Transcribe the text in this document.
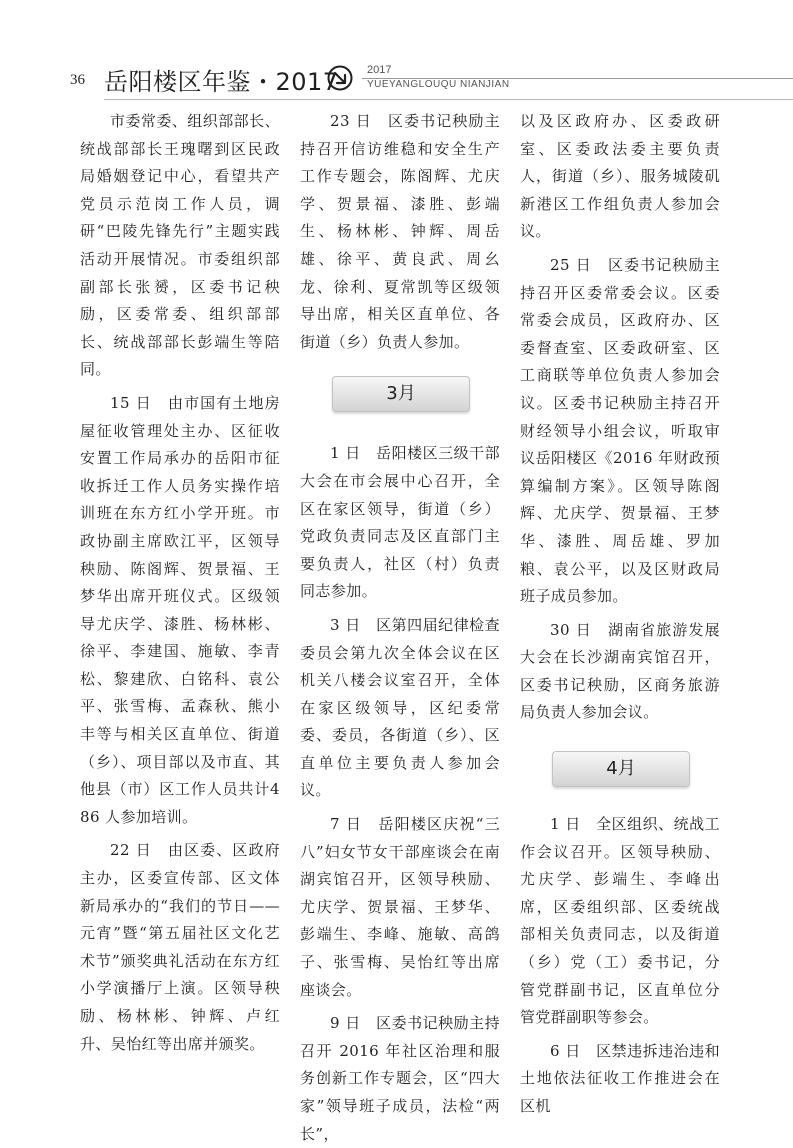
36 岳阳楼区年鉴・2017	2017
YUEYANGLOUQU NIANJIAN

市委常委、组织部部长、统战部部长王瑰曙到区民政局婚姻登记中心，看望共产党员示范岗工作人员，调研“巴陵先锋先行”主题实践活动开展情况。市委组织部副部长张赟，区委书记秧励，区委常委、组织部部长、统战部部长彭端生等陪同。

15 日　由市国有土地房屋征收管理处主办、区征收安置工作局承办的岳阳市征收拆迁工作人员务实操作培训班在东方红小学开班。市政协副主席欧江平，区领导秧励、陈阁辉、贺景福、王梦华出席开班仪式。区级领导尤庆学、漆胜、杨林彬、徐平、李建国、施敏、李青松、黎建欣、白铭科、袁公平、张雪梅、孟森秋、熊小丰等与相关区直单位、街道（乡）、项目部以及市直、其他县（市）区工作人员共计486 人参加培训。

22 日　由区委、区政府主办，区委宣传部、区文体新局承办的“我们的节日——元宵”暨“第五届社区文化艺术节”颁奖典礼活动在东方红小学演播厅上演。区领导秧励、杨林彬、钟辉、卢红升、吴怡红等出席并颁奖。

23 日　区委书记秧励主持召开信访维稳和安全生产工作专题会，陈阁辉、尤庆学、贺景福、漆胜、彭端生、杨林彬、钟辉、周岳雄、徐平、黄良武、周幺龙、徐利、夏常凯等区级领导出席，相关区直单位、各街道（乡）负责人参加。

3月

1 日　岳阳楼区三级干部大会在市会展中心召开，全区在家区领导，街道（乡）党政负责同志及区直部门主要负责人，社区（村）负责同志参加。

3 日　区第四届纪律检查委员会第九次全体会议在区机关八楼会议室召开，全体在家区级领导，区纪委常委、委员，各街道（乡）、区直单位主要负责人参加会议。

7 日　岳阳楼区庆祝“三八”妇女节女干部座谈会在南湖宾馆召开，区领导秧励、尤庆学、贺景福、王梦华、彭端生、李峰、施敏、高鸽子、张雪梅、吴怡红等出席座谈会。

9 日　区委书记秧励主持召开 2016 年社区治理和服务创新工作专题会，区“四大家”领导班子成员，法检“两长”，

以及区政府办、区委政研室、区委政法委主要负责人，街道（乡）、服务城陵矶新港区工作组负责人参加会议。

25 日　区委书记秧励主持召开区委常委会议。区委常委会成员，区政府办、区委督查室、区委政研室、区工商联等单位负责人参加会议。区委书记秧励主持召开财经领导小组会议，听取审议岳阳楼区《2016 年财政预算编制方案》。区领导陈阁辉、尤庆学、贺景福、王梦华、漆胜、周岳雄、罗加粮、袁公平，以及区财政局班子成员参加。

30 日　湖南省旅游发展大会在长沙湖南宾馆召开，区委书记秧励，区商务旅游局负责人参加会议。

4月

1 日　全区组织、统战工作会议召开。区领导秧励、尤庆学、彭端生、李峰出席，区委组织部、区委统战部相关负责同志，以及街道（乡）党（工）委书记，分管党群副书记，区直单位分管党群副职等参会。

6 日　区禁违拆违治违和土地依法征收工作推进会在区机
